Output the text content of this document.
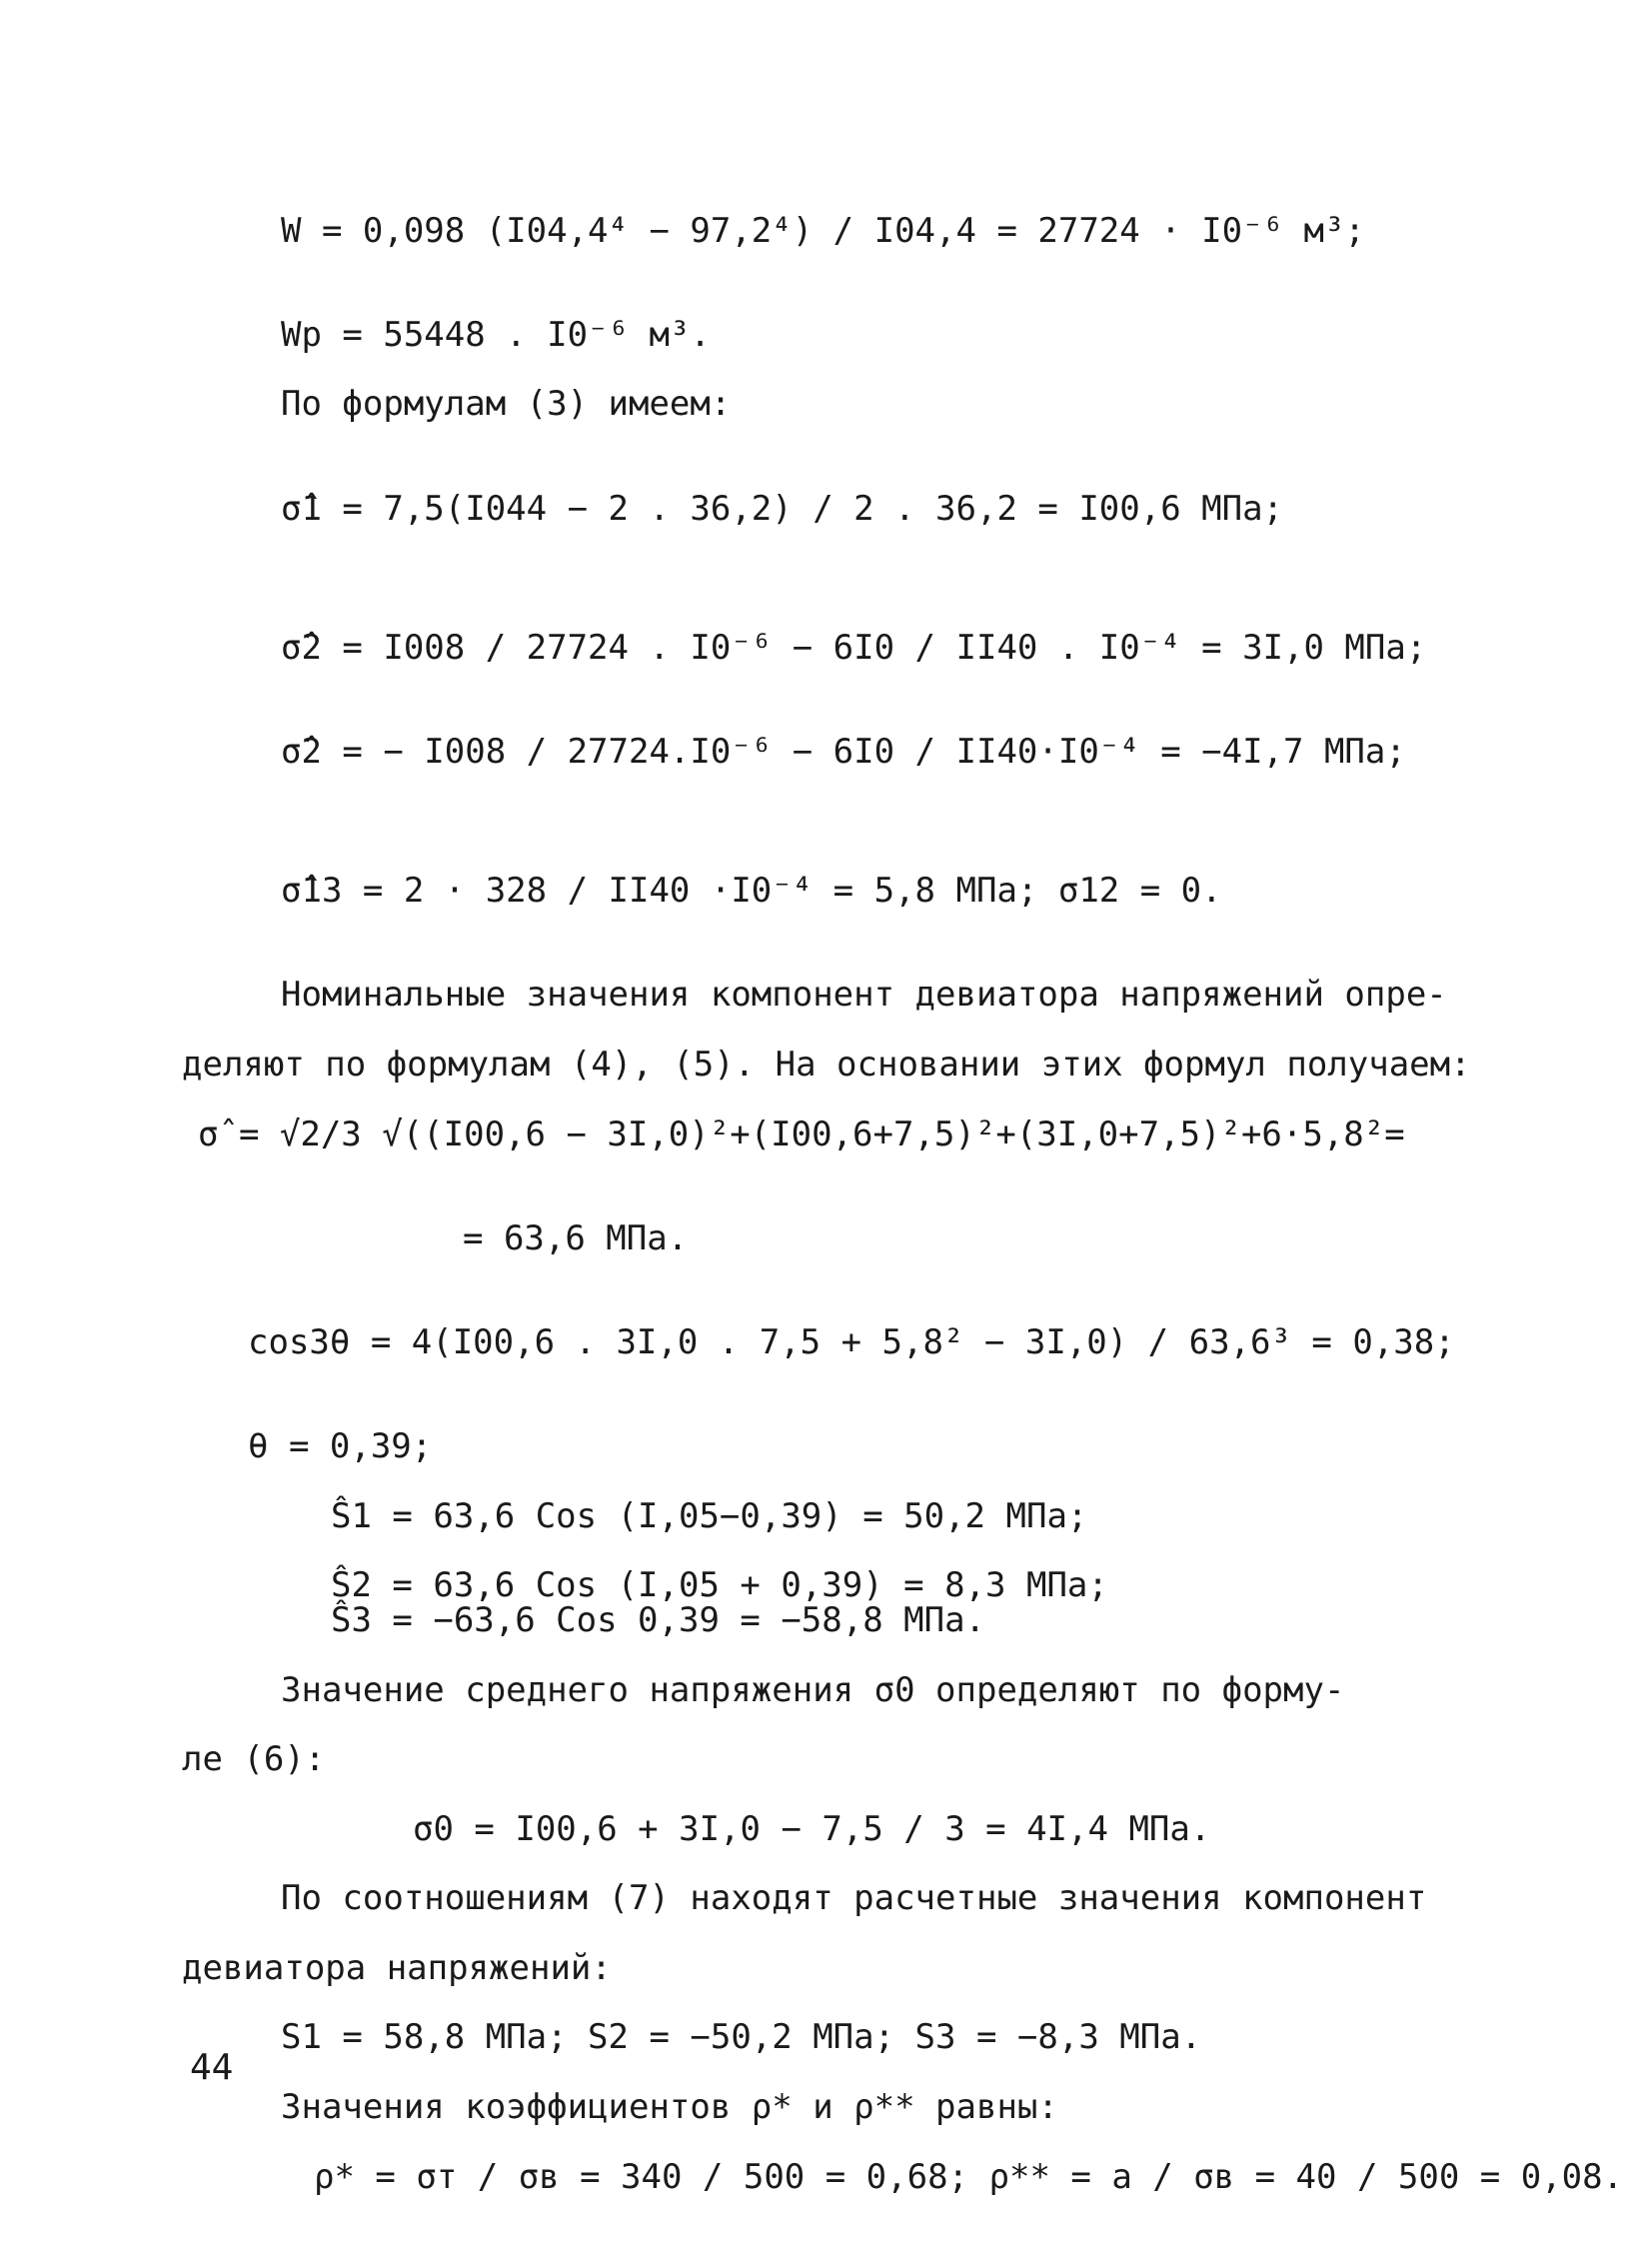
W = 0,098 (I04,4⁴ − 97,2⁴) / I04,4 = 27724 · I0⁻⁶ м³;
Wp = 55448 . I0⁻⁶ м³.
По формулам (3) имеем:
σ̂1 = 7,5(I044 − 2 . 36,2) / 2 . 36,2 = I00,6 МПа;
σ̂2 = I008 / 27724 . I0⁻⁶ − 6I0 / II40 . I0⁻⁴ = 3I,0 МПа;
σ̂2 = − I008 / 27724.I0⁻⁶ − 6I0 / II40·I0⁻⁴ = −4I,7 МПа;
σ̂13 = 2 · 328 / II40 ·I0⁻⁴ = 5,8 МПа; σ12 = 0.
Номинальные значения компонент девиатора напряжений опре-
деляют по формулам (4), (5). На основании этих формул получаем:
σ̂ = √2/3 √((I00,6 − 3I,0)²+(I00,6+7,5)²+(3I,0+7,5)²+6·5,8²=
= 63,6 МПа.
cos3θ = 4(I00,6 . 3I,0 . 7,5 + 5,8² − 3I,0) / 63,6³ = 0,38;
θ = 0,39;
Ŝ1 = 63,6 Cos (I,05−0,39) = 50,2 МПа;
Ŝ2 = 63,6 Cos (I,05 + 0,39) = 8,3 МПа;
Ŝ3 = −63,6 Cos 0,39 = −58,8 МПа.
Значение среднего напряжения σ0 определяют по форму-
ле (6):
σ0 = I00,6 + 3I,0 − 7,5 / 3 = 4I,4 МПа.
По соотношениям (7) находят расчетные значения компонент
девиатора напряжений:
S1 = 58,8 МПа; S2 = −50,2 МПа; S3 = −8,3 МПа.
Значения коэффициентов ρ* и ρ** равны:
ρ* = σт / σв = 340 / 500 = 0,68; ρ** = a / σв = 40 / 500 = 0,08.
44
